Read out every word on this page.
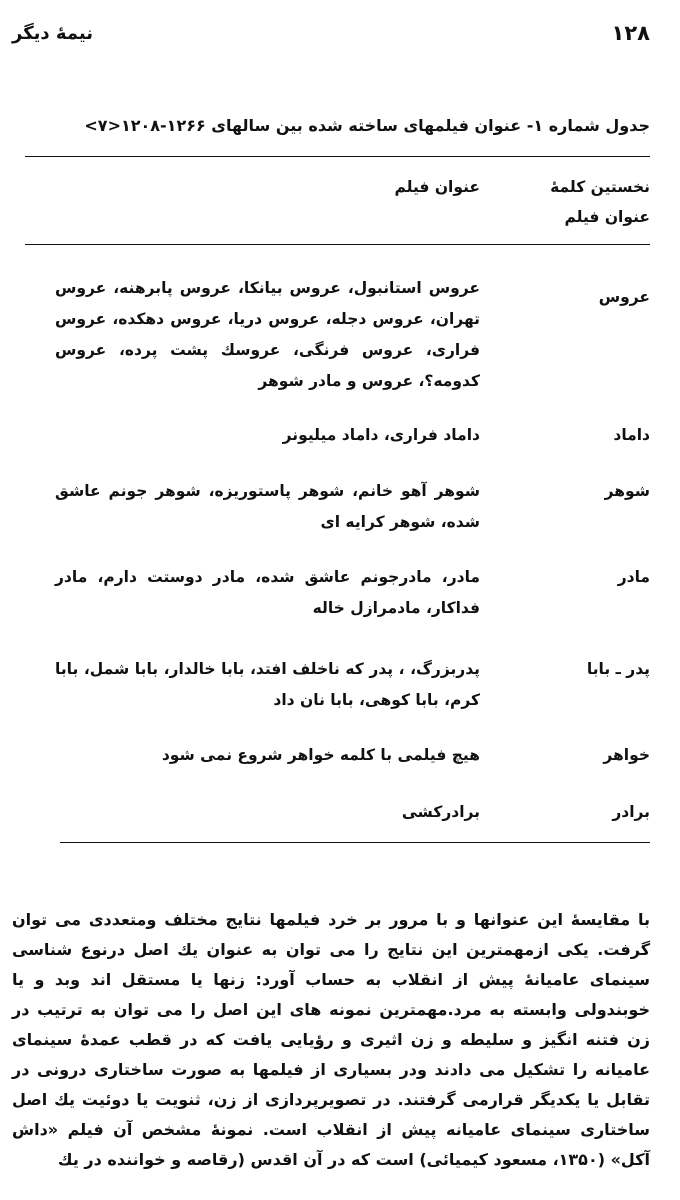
۱۲۸
نیمهٔ دیگر
جدول شماره ۱- عنوان فیلمهای ساخته شده بین سالهای ۱۲۶۶-۱۲۰۸<۷>
نخستین کلمهٔ عنوان فیلم
عنوان فیلم
عروس
عروس استانبول، عروس بیانکا، عروس پابرهنه، عروس تهران، عروس دجله، عروس دریا، عروس دهکده، عروس فراری، عروس فرنگی، عروسك پشت پرده، عروس کدومه؟، عروس و مادر شوهر
داماد
داماد فراری، داماد میلیونر
شوهر
شوهر آهو خانم، شوهر پاستوریزه، شوهر جونم عاشق شده، شوهر کرایه ای
مادر
مادر، مادرجونم عاشق شده، مادر دوستت دارم، مادر فداکار، مادمرازل خاله
پدر ـ بابا
پدربزرگ، ، پدر که ناخلف افتد، بابا خالدار، بابا شمل، بابا کرم، بابا کوهی، بابا نان داد
خواهر
هیچ فیلمی با کلمه خواهر شروع نمی شود
برادر
برادرکشی
با مقایسهٔ این عنوانها و با مرور بر خرد فیلمها نتایج مختلف ومتعددی می توان گرفت. یکی ازمهمترین این نتایج را می توان به عنوان یك اصل درنوع شناسی سینمای عامیانهٔ پیش از انقلاب به حساب آورد: زنها یا مستقل اند وبد و یا خوبندولی وابسته به مرد.مهمترین نمونه های این اصل را می توان به ترتیب در زن فتنه انگیز و سلیطه و زن اثیری و رؤیایی یافت که در قطب عمدهٔ سینمای عامیانه را تشکیل می دادند ودر بسیاری از فیلمها به صورت ساختاری درونی در تقابل یا یکدیگر قرارمی گرفتند. در تصویرپردازی از زن، ثنویت یا دوئیت یك اصل ساختاری سینمای عامیانه پیش از انقلاب است. نمونهٔ مشخص آن فیلم «داش آکل» (۱۳۵۰، مسعود کیمیائی) است که در آن اقدس (رقاصه و خواننده در یك
